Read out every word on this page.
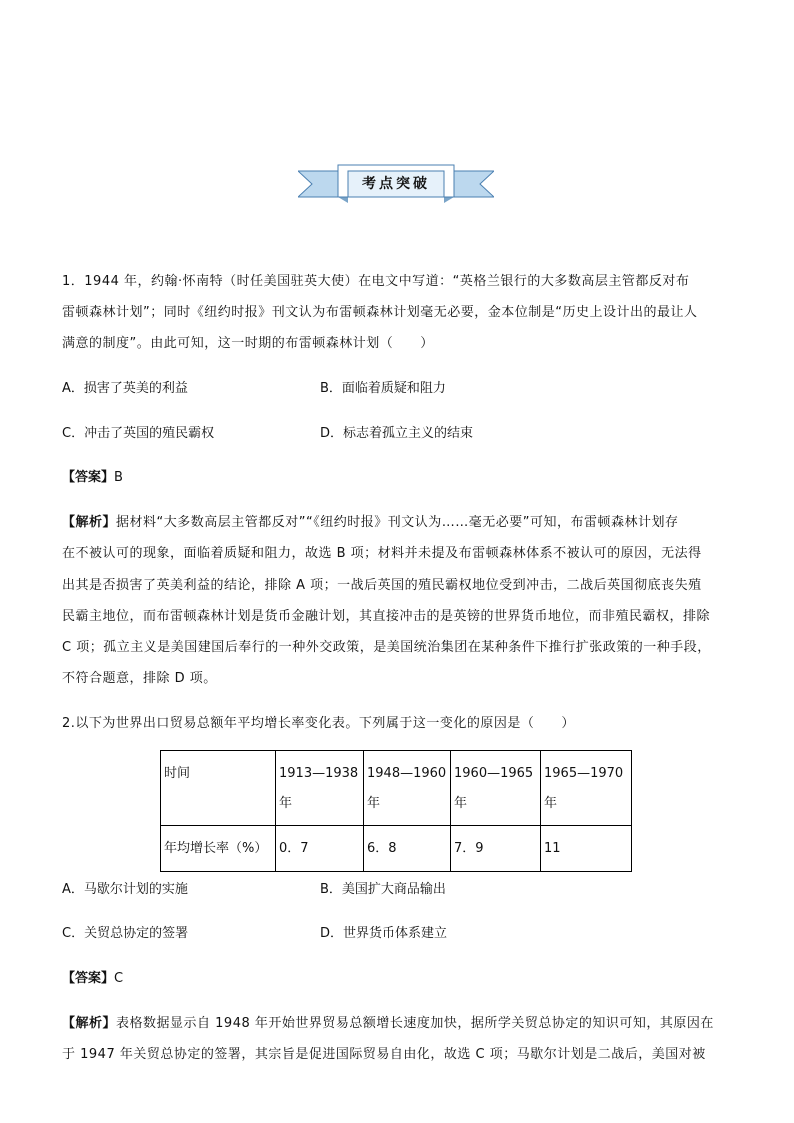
考点突破
1．1944 年，约翰·怀南特（时任美国驻英大使）在电文中写道：“英格兰银行的大多数高层主管都反对布
雷顿森林计划”；同时《纽约时报》刊文认为布雷顿森林计划毫无必要，金本位制是“历史上设计出的最让人
满意的制度”。由此可知，这一时期的布雷顿森林计划（　　）
A．损害了英美的利益	B．面临着质疑和阻力
C．冲击了英国的殖民霸权	D．标志着孤立主义的结束
【答案】B
【解析】据材料“大多数高层主管都反对”“《纽约时报》刊文认为……毫无必要”可知，布雷顿森林计划存
在不被认可的现象，面临着质疑和阻力，故选 B 项；材料并未提及布雷顿森林体系不被认可的原因，无法得
出其是否损害了英美利益的结论，排除 A 项；一战后英国的殖民霸权地位受到冲击，二战后英国彻底丧失殖
民霸主地位，而布雷顿森林计划是货币金融计划，其直接冲击的是英镑的世界货币地位，而非殖民霸权，排除
C 项；孤立主义是美国建国后奉行的一种外交政策，是美国统治集团在某种条件下推行扩张政策的一种手段，
不符合题意，排除 D 项。
2.以下为世界出口贸易总额年平均增长率变化表。下列属于这一变化的原因是（　　）
时间	1913—1938年	1948—1960年	1960—1965年	1965—1970年
年均增长率（%）	0．7	6．8	7．9	11
A．马歇尔计划的实施	B．美国扩大商品输出
C．关贸总协定的签署	D．世界货币体系建立
【答案】C
【解析】表格数据显示自 1948 年开始世界贸易总额增长速度加快，据所学关贸总协定的知识可知，其原因在
于 1947 年关贸总协定的签署，其宗旨是促进国际贸易自由化，故选 C 项；马歇尔计划是二战后，美国对被
